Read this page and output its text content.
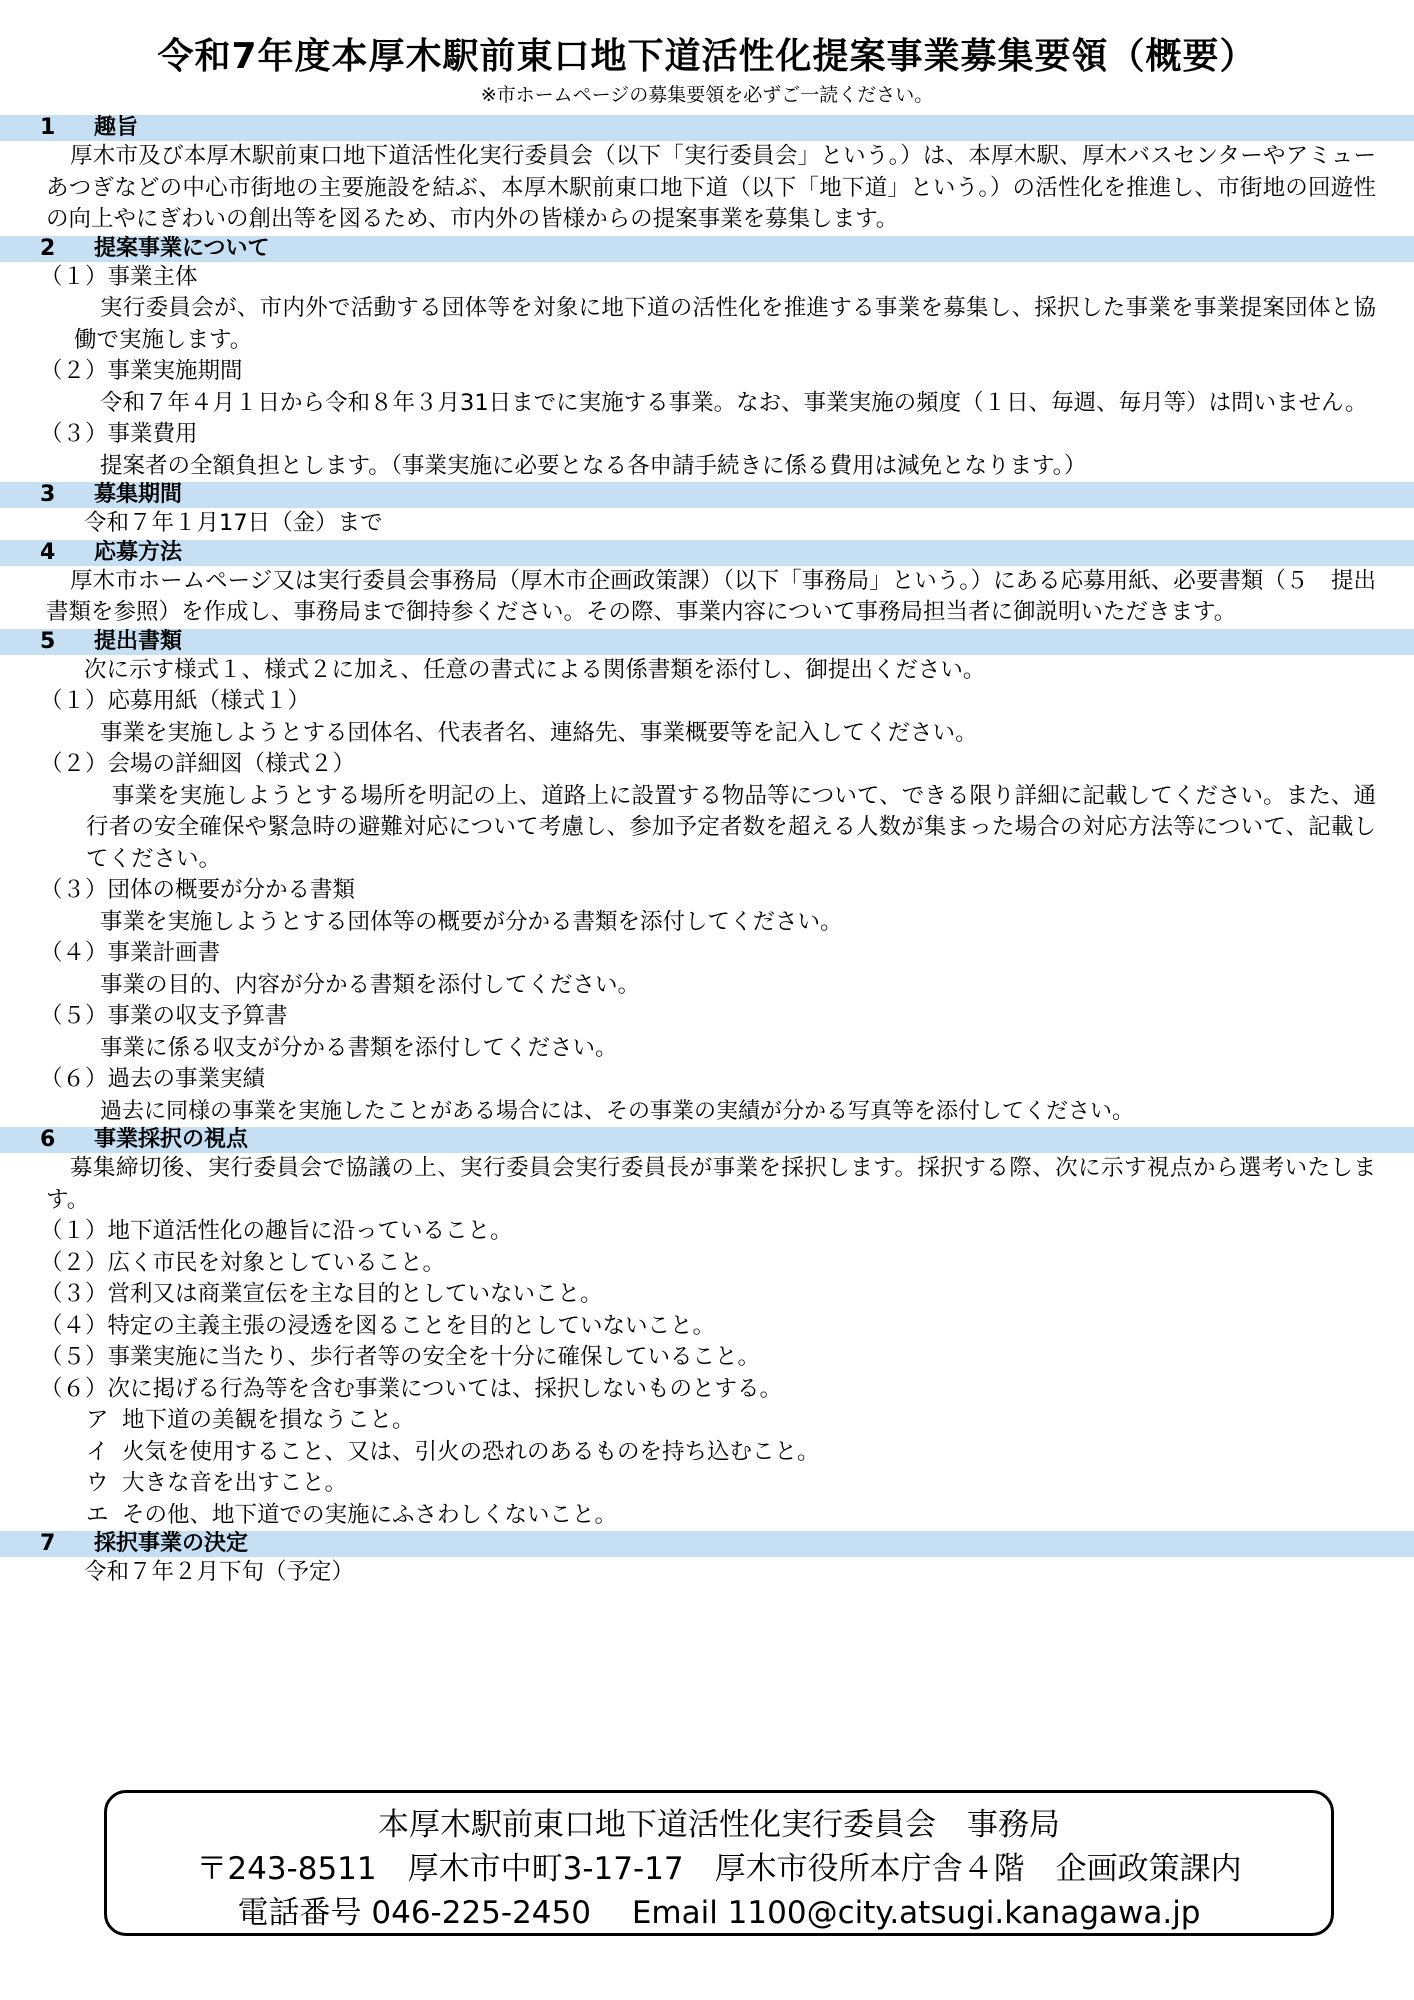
令和7年度本厚木駅前東口地下道活性化提案事業募集要領（概要）
※市ホームページの募集要領を必ずご一読ください。
1 趣旨

厚木市及び本厚木駅前東口地下道活性化実行委員会（以下「実行委員会」という。）は、本厚木駅、厚木バスセンターやアミューあつぎなどの中心市街地の主要施設を結ぶ、本厚木駅前東口地下道（以下「地下道」という。）の活性化を推進し、市街地の回遊性の向上やにぎわいの創出等を図るため、市内外の皆様からの提案事業を募集します。

2 提案事業について

（１）事業主体

実行委員会が、市内外で活動する団体等を対象に地下道の活性化を推進する事業を募集し、採択した事業を事業提案団体と協働で実施します。

（２）事業実施期間

令和７年４月１日から令和８年３月31日までに実施する事業。なお、事業実施の頻度（１日、毎週、毎月等）は問いません。

（３）事業費用

提案者の全額負担とします。（事業実施に必要となる各申請手続きに係る費用は減免となります。）

3 募集期間

令和７年１月17日（金）まで

4 応募方法

厚木市ホームページ又は実行委員会事務局（厚木市企画政策課）（以下「事務局」という。）にある応募用紙、必要書類（５　提出書類を参照）を作成し、事務局まで御持参ください。その際、事業内容について事務局担当者に御説明いただきます。

5 提出書類

次に示す様式１、様式２に加え、任意の書式による関係書類を添付し、御提出ください。

（１）応募用紙（様式１）

事業を実施しようとする団体名、代表者名、連絡先、事業概要等を記入してください。

（２）会場の詳細図（様式２）

事業を実施しようとする場所を明記の上、道路上に設置する物品等について、できる限り詳細に記載してください。また、通行者の安全確保や緊急時の避難対応について考慮し、参加予定者数を超える人数が集まった場合の対応方法等について、記載してください。

（３）団体の概要が分かる書類

事業を実施しようとする団体等の概要が分かる書類を添付してください。

（４）事業計画書

事業の目的、内容が分かる書類を添付してください。

（５）事業の収支予算書

事業に係る収支が分かる書類を添付してください。

（６）過去の事業実績

過去に同様の事業を実施したことがある場合には、その事業の実績が分かる写真等を添付してください。

6 事業採択の視点

募集締切後、実行委員会で協議の上、実行委員会実行委員長が事業を採択します。採択する際、次に示す視点から選考いたします。

（１）地下道活性化の趣旨に沿っていること。

（２）広く市民を対象としていること。

（３）営利又は商業宣伝を主な目的としていないこと。

（４）特定の主義主張の浸透を図ることを目的としていないこと。

（５）事業実施に当たり、歩行者等の安全を十分に確保していること。

（６）次に掲げる行為等を含む事業については、採択しないものとする。

ア 地下道の美観を損なうこと。

イ 火気を使用すること、又は、引火の恐れのあるものを持ち込むこと。

ウ 大きな音を出すこと。

エ その他、地下道での実施にふさわしくないこと。

7 採択事業の決定

令和７年２月下旬（予定）

本厚木駅前東口地下道活性化実行委員会　事務局
〒243-8511　厚木市中町3-17-17　厚木市役所本庁舎４階　企画政策課内
電話番号 046-225-2450　 Email 1100@city.atsugi.kanagawa.jp
